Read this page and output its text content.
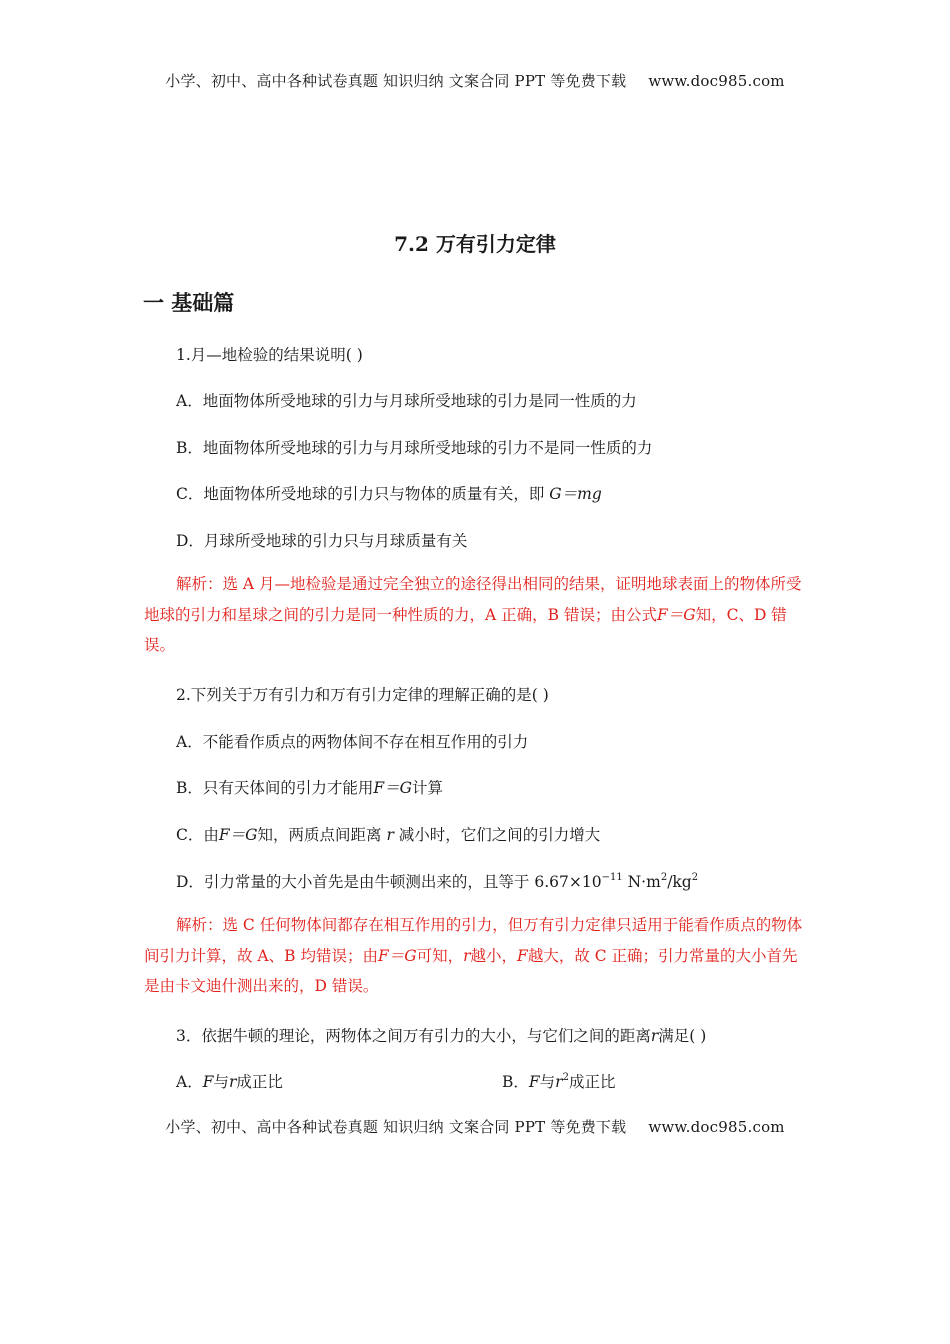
小学、初中、高中各种试卷真题 知识归纳 文案合同 PPT 等免费下载 www.doc985.com
7.2 万有引力定律
一 基础篇
1.月—地检验的结果说明( )
A．地面物体所受地球的引力与月球所受地球的引力是同一性质的力
B．地面物体所受地球的引力与月球所受地球的引力不是同一性质的力
C．地面物体所受地球的引力只与物体的质量有关，即 G＝mg
D．月球所受地球的引力只与月球质量有关
解析：选 A 月—地检验是通过完全独立的途径得出相同的结果，证明地球表面上的物体所受地球的引力和星球之间的引力是同一种性质的力，A 正确，B 错误；由公式F＝G知，C、D 错误。
2.下列关于万有引力和万有引力定律的理解正确的是( )
A．不能看作质点的两物体间不存在相互作用的引力
B．只有天体间的引力才能用F＝G计算
C．由F＝G知，两质点间距离 r 减小时，它们之间的引力增大
D．引力常量的大小首先是由牛顿测出来的，且等于 $6.67\times 10^{-11}$ $N\cdot m^2/kg^2$
解析：选 C 任何物体间都存在相互作用的引力，但万有引力定律只适用于能看作质点的物体间引力计算，故 A、B 均错误；由F＝G可知，r越小，F越大，故 C 正确；引力常量的大小首先是由卡文迪什测出来的，D 错误。
3．依据牛顿的理论，两物体之间万有引力的大小，与它们之间的距离r满足( )
A．F与r成正比	B．F与$r^2$成正比
小学、初中、高中各种试卷真题 知识归纳 文案合同 PPT 等免费下载 www.doc985.com
